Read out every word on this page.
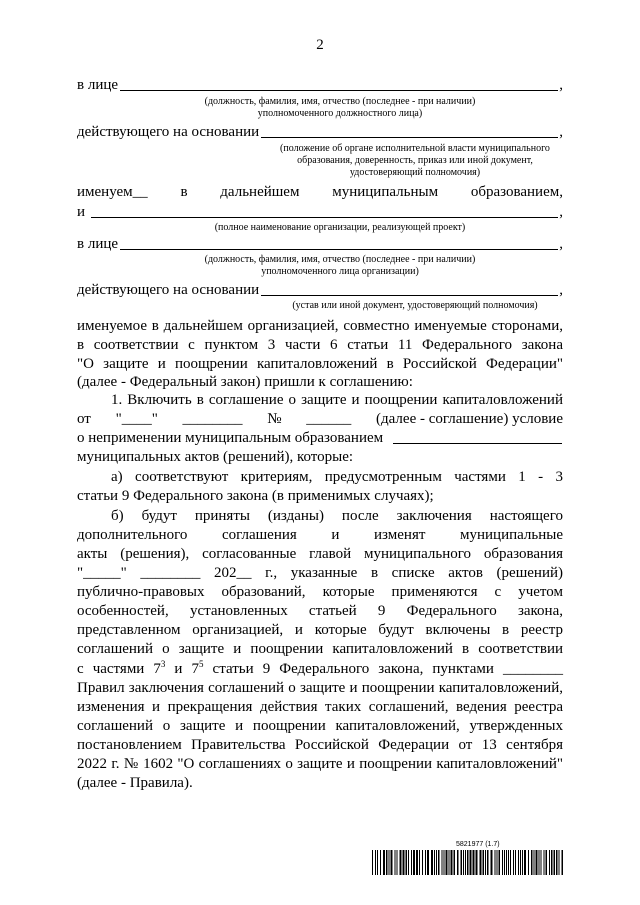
2
в лице	,
(должность, фамилия, имя, отчество (последнее - при наличии)
уполномоченного должностного лица)
действующего на основании	,
(положение об органе исполнительной власти муниципального
образования, доверенность, приказ или иной документ,
удостоверяющий полномочия)
именуем__ в дальнейшем муниципальным образованием,
и	,
(полное наименование организации, реализующей проект)
в лице	,
(должность, фамилия, имя, отчество (последнее - при наличии)
уполномоченного лица организации)
действующего на основании	,
(устав или иной документ, удостоверяющий полномочия)
именуемое в дальнейшем организацией, совместно именуемые сторонами,
в соответствии с пунктом 3 части 6 статьи 11 Федерального закона
"О защите и поощрении капиталовложений в Российской Федерации"
(далее - Федеральный закон) пришли к соглашению:
1. Включить в соглашение о защите и поощрении капиталовложений
от "____" ________ № ______ (далее - соглашение) условие
о неприменении муниципальным образованием
муниципальных актов (решений), которые:
а) соответствуют критериям, предусмотренным частями 1 - 3
статьи 9 Федерального закона (в применимых случаях);
б) будут приняты (изданы) после заключения настоящего
дополнительного соглашения и изменят муниципальные
акты (решения), согласованные главой муниципального образования
"_____" ________ 202__ г., указанные в списке актов (решений)
публично-правовых образований, которые применяются с учетом
особенностей, установленных статьей 9 Федерального закона,
представленном организацией, и которые будут включены в реестр
соглашений о защите и поощрении капиталовложений в соответствии
с частями $7^3$ и $7^5$ статьи 9 Федерального закона, пунктами ________
Правил заключения соглашений о защите и поощрении капиталовложений,
изменения и прекращения действия таких соглашений, ведения реестра
соглашений о защите и поощрении капиталовложений, утвержденных
постановлением Правительства Российской Федерации от 13 сентября
2022 г. № 1602 "О соглашениях о защите и поощрении капиталовложений"
(далее - Правила).
5821977 (1.7)
